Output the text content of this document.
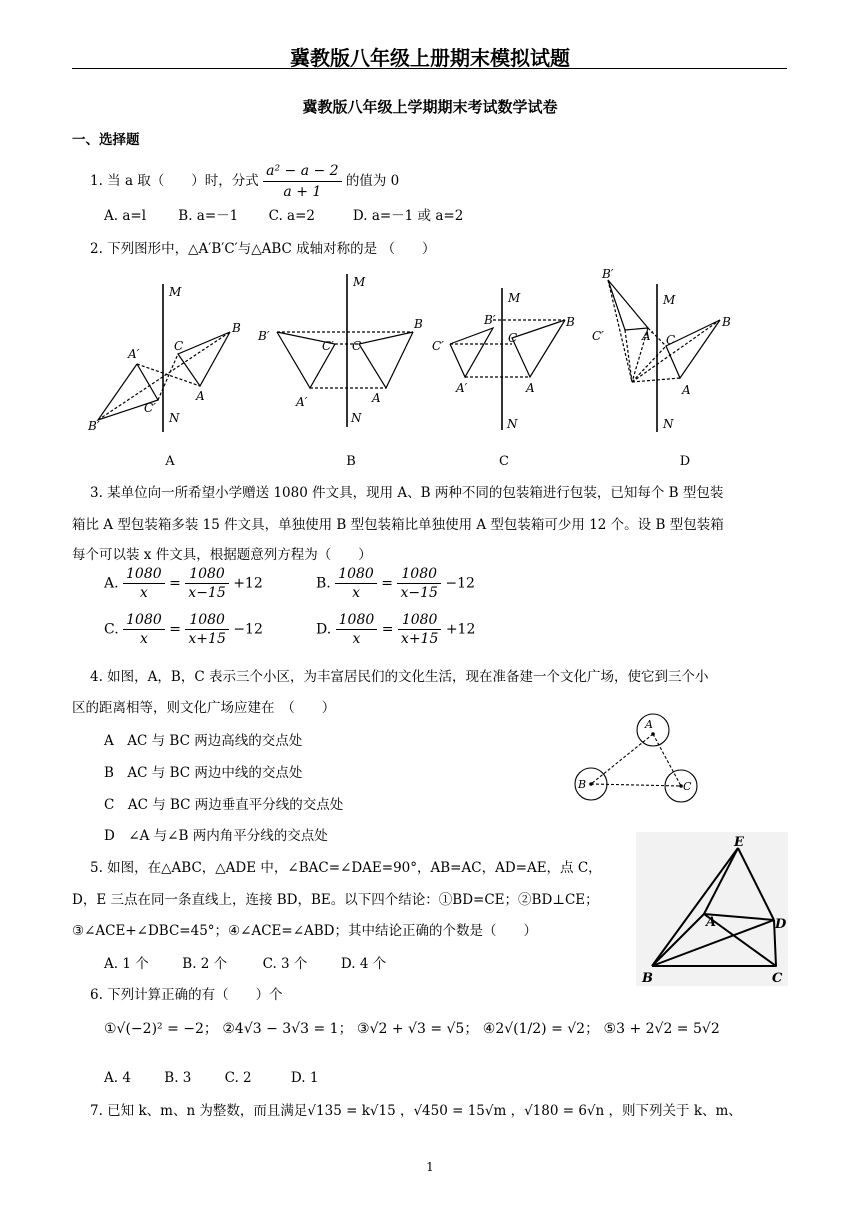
冀教版八年级上册期末模拟试题
冀教版八年级上学期期末考试数学试卷
一、选择题
1. 当 a 取（　　）时，分式 $\frac{\text{a² − a − 2}}{a + 1}$ 的值为 0
A. a=l B. a=－1 C. a=2	D. a=－1 或 a=2
2. 下列图形中，△A′B′C′与△ABC 成轴对称的是 （　　）
M
N
A′
C′
B′
C
B
A
M
N
B′
C′
A′
C
B
A
M
N
B′
C′
A′
C
B
A
M
N
B′
C′	A′ C
B
A
A	B	C	D
3. 某单位向一所希望小学赠送 1080 件文具，现用 A、B 两种不同的包装箱进行包装，已知每个 B 型包装
箱比 A 型包装箱多装 15 件文具，单独使用 B 型包装箱比单独使用 A 型包装箱可少用 12 个。设 B 型包装箱
每个可以装 x 件文具，根据题意列方程为（　　）
A. $\frac{1080}{x} = \frac{1080}{x-15} +12$	B. $\frac{1080}{x} = \frac{1080}{x-15} -12$
C. $\frac{1080}{x} = \frac{1080}{x+15} -12$	D. $\frac{1080}{x} = \frac{1080}{x+15} +12$
4. 如图，A，B，C 表示三个小区，为丰富居民们的文化生活，现在准备建一个文化广场，使它到三个小
区的距离相等，则文化广场应建在　（　　）
A　AC 与 BC 两边高线的交点处
B　AC 与 BC 两边中线的交点处
C　AC 与 BC 两边垂直平分线的交点处
D　∠A 与∠B 两内角平分线的交点处
A
B	C
5. 如图，在△ABC，△ADE 中，∠BAC=∠DAE=90°，AB=AC，AD=AE，点 C，
D，E 三点在同一条直线上，连接 BD，BE。以下四个结论：①BD=CE；②BD⊥CE；
③∠ACE+∠DBC=45°；④∠ACE=∠ABD；其中结论正确的个数是（　　）
A. 1 个 B. 2 个	C. 3 个 D. 4 个
E
A	D
B	C
6. 下列计算正确的有（　　）个
①√(−2)² = −2； ②4√3 − 3√3 = 1； ③√2 + √3 = √5； ④2√(1/2) = √2； ⑤3 + 2√2 = 5√2
A. 4 B. 3 C. 2	D. 1
7. 已知 k、m、n 为整数，而且满足√135 = k√15 ，√450 = 15√m ，√180 = 6√n ，则下列关于 k、m、
1
